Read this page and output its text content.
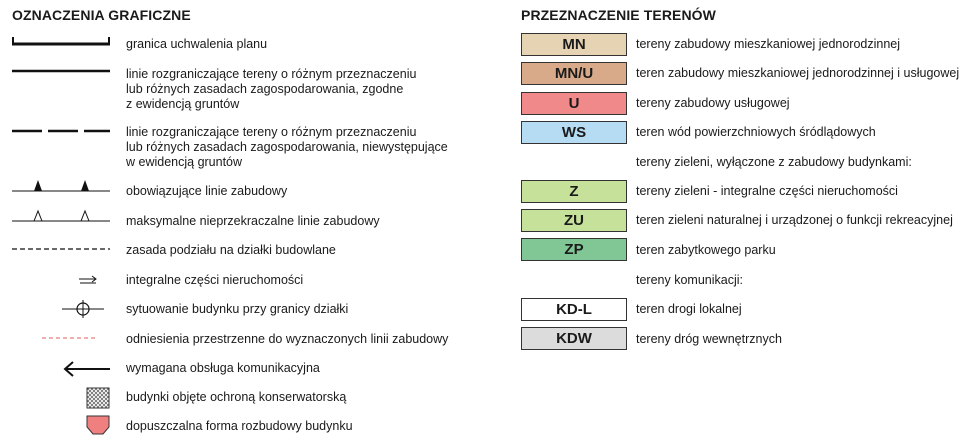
OZNACZENIA GRAFICZNE
granica uchwalenia planu
linie rozgraniczające tereny o różnym przeznaczeniu
lub różnych zasadach zagospodarowania, zgodne
z ewidencją gruntów
linie rozgraniczające tereny o różnym przeznaczeniu
lub różnych zasadach zagospodarowania, niewystępujące
w ewidencją gruntów
obowiązujące linie zabudowy
maksymalne nieprzekraczalne linie zabudowy
zasada podziału na działki budowlane
integralne części nieruchomości
sytuowanie budynku przy granicy działki
odniesienia przestrzenne do wyznaczonych linii zabudowy
wymagana obsługa komunikacyjna
budynki objęte ochroną konserwatorską
dopuszczalna forma rozbudowy budynku
PRZEZNACZENIE TERENÓW
MN	tereny zabudowy mieszkaniowej jednorodzinnej
MN/U	teren zabudowy mieszkaniowej jednorodzinnej i usługowej
U	tereny zabudowy usługowej
WS	teren wód powierzchniowych śródlądowych
tereny zieleni, wyłączone z zabudowy budynkami:
Z	tereny zieleni - integralne części nieruchomości
ZU	teren zieleni naturalnej i urządzonej o funkcji rekreacyjnej
ZP	teren zabytkowego parku
tereny komunikacji:
KD-L	teren drogi lokalnej
KDW	tereny dróg wewnętrznych
